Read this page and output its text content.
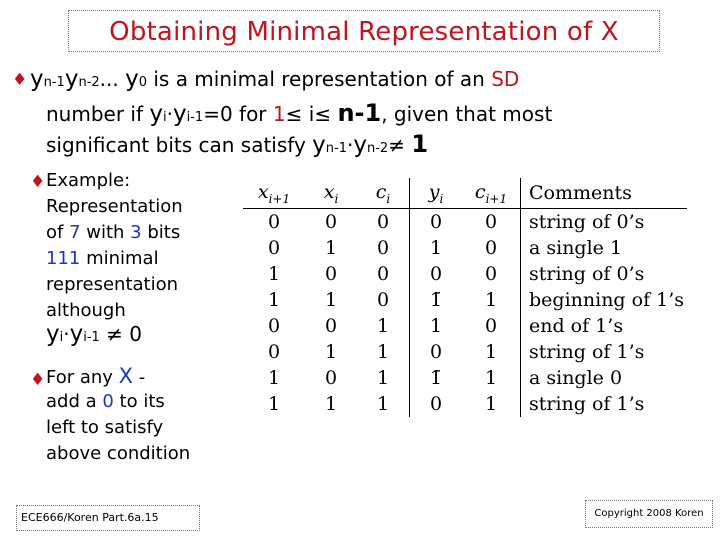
Obtaining Minimal Representation of X
♦ yn-1yn-2... y0 is a minimal representation of an SD
number if yi·yi-1=0 for 1≤ i≤ n-1, given that most
significant bits can satisfy yn-1·yn-2≠ 1
♦ Example:
Representation
of 7 with 3 bits
111 minimal
representation
although
yi·yi-1 ≠ 0
♦ For any X -
add a 0 to its
left to satisfy
above condition
$x_{i+1}$	$x_i$	$c_i$	$y_i$	$c_{i+1}$	Comments
0	0	0	0	0	string of 0’s
0	1	0	1	0	a single 1
1	0	0	0	0	string of 0’s
1	1	0	1̄	1	beginning of 1’s
0	0	1	1	0	end of 1’s
0	1	1	0	1	string of 1’s
1	0	1	1̄	1	a single 0
1	1	1	0	1	string of 1’s
ECE666/Koren Part.6a.15	Copyright 2008 Koren
